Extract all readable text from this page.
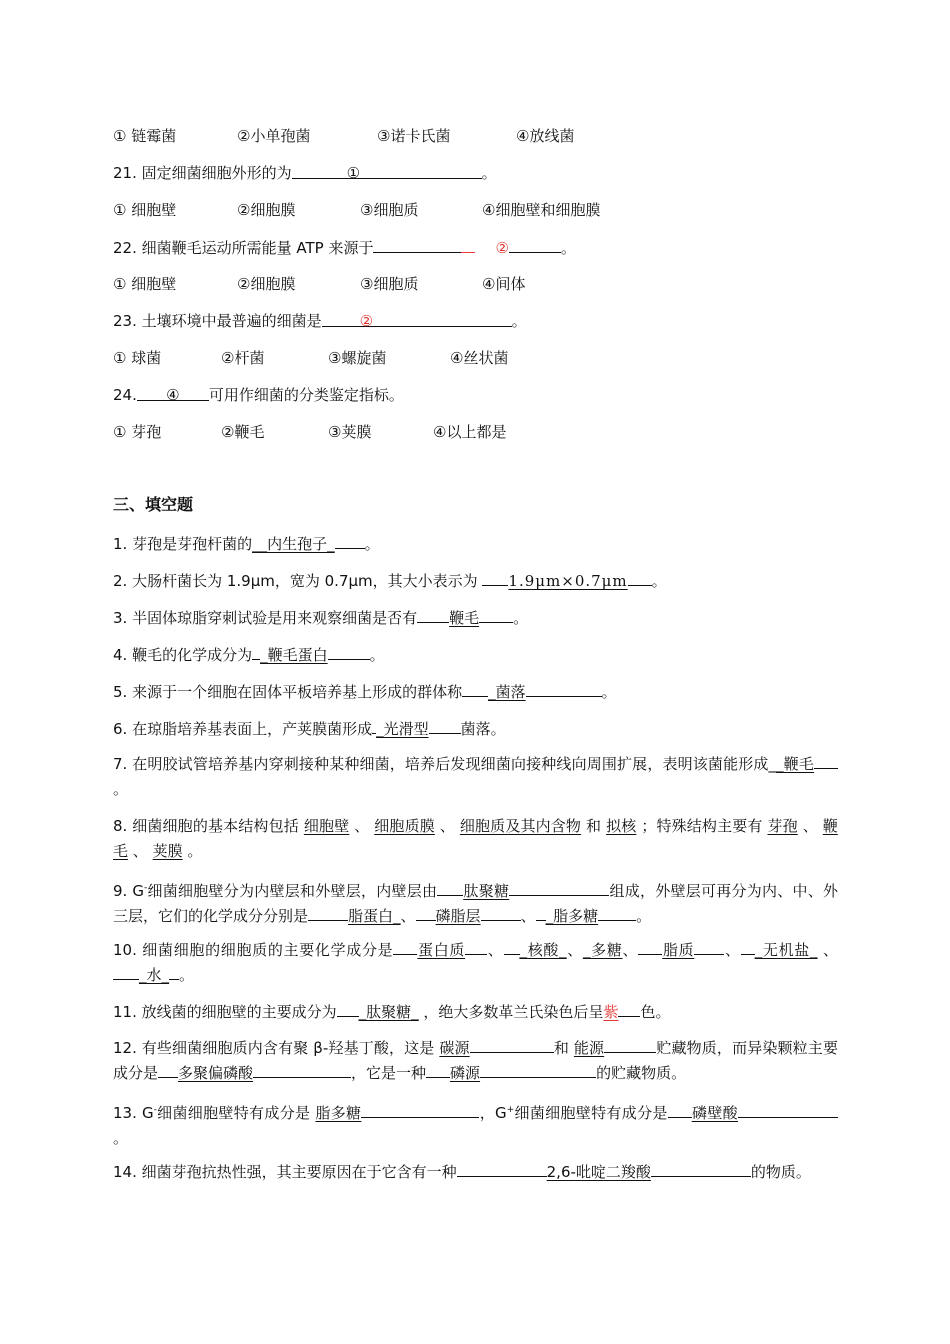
① 链霉菌	②小单孢菌	③诺卡氏菌	④放线菌
21. 固定细菌细胞外形的为	①	。
① 细胞壁	②细胞膜	③细胞质	④细胞壁和细胞膜
22. 细菌鞭毛运动所需能量 ATP 来源于	②	。
① 细胞壁	②细胞膜	③细胞质	④间体
23. 土壤环境中最普遍的细菌是	②	。
① 球菌	②杆菌	③螺旋菌	④丝状菌
24. ④ 可用作细菌的分类鉴定指标。
① 芽孢	②鞭毛	③荚膜	④以上都是
三、填空题
1. 芽孢是芽孢杆菌的__内生孢子_ 。
2. 大肠杆菌长为 1.9μm，宽为 0.7μm，其大小表示为 1.9μm×0.7μm 。
3. 半固体琼脂穿刺试验是用来观察细菌是否有 鞭毛 。
4. 鞭毛的化学成分为 _鞭毛蛋白	。
5. 来源于一个细胞在固体平板培养基上形成的群体称 _菌落	。
6. 在琼脂培养基表面上，产荚膜菌形成 _光滑型 菌落。
7. 在明胶试管培养基内穿刺接种某种细菌，培养后发现细菌向接种线向周围扩展，表明该菌能形成__鞭毛 。
8. 细菌细胞的基本结构包括 细胞壁 、 细胞质膜 、 细胞质及其内含物 和 拟核 ；特殊结构主要有 芽孢 、 鞭毛 、 荚膜 。
9. G-细菌细胞壁分为内壁层和外壁层，内壁层由 肽聚糖	组成，外壁层可再分为内、中、外三层，它们的化学成分分别是	脂蛋白_、 磷脂层	、 _脂多糖	。
10. 细菌细胞的细胞质的主要化学成分是 蛋白质 、 _核酸_、_多糖、 脂质 、 _无机盐_ 、 _水_ 。
11. 放线菌的细胞壁的主要成分为 _肽聚糖_ ，绝大多数革兰氏染色后呈紫 色。
12. 有些细菌细胞质内含有聚 β-羟基丁酸，这是 碳源	和 能源	贮藏物质，而异染颗粒主要成分是 多聚偏磷酸	，它是一种 磷源	的贮藏物质。
13. G-细菌细胞壁特有成分是 脂多糖	，G+细菌细胞壁特有成分是 磷壁酸。
14. 细菌芽孢抗热性强，其主要原因在于它含有一种	2,6-吡啶二羧酸	的物质。
